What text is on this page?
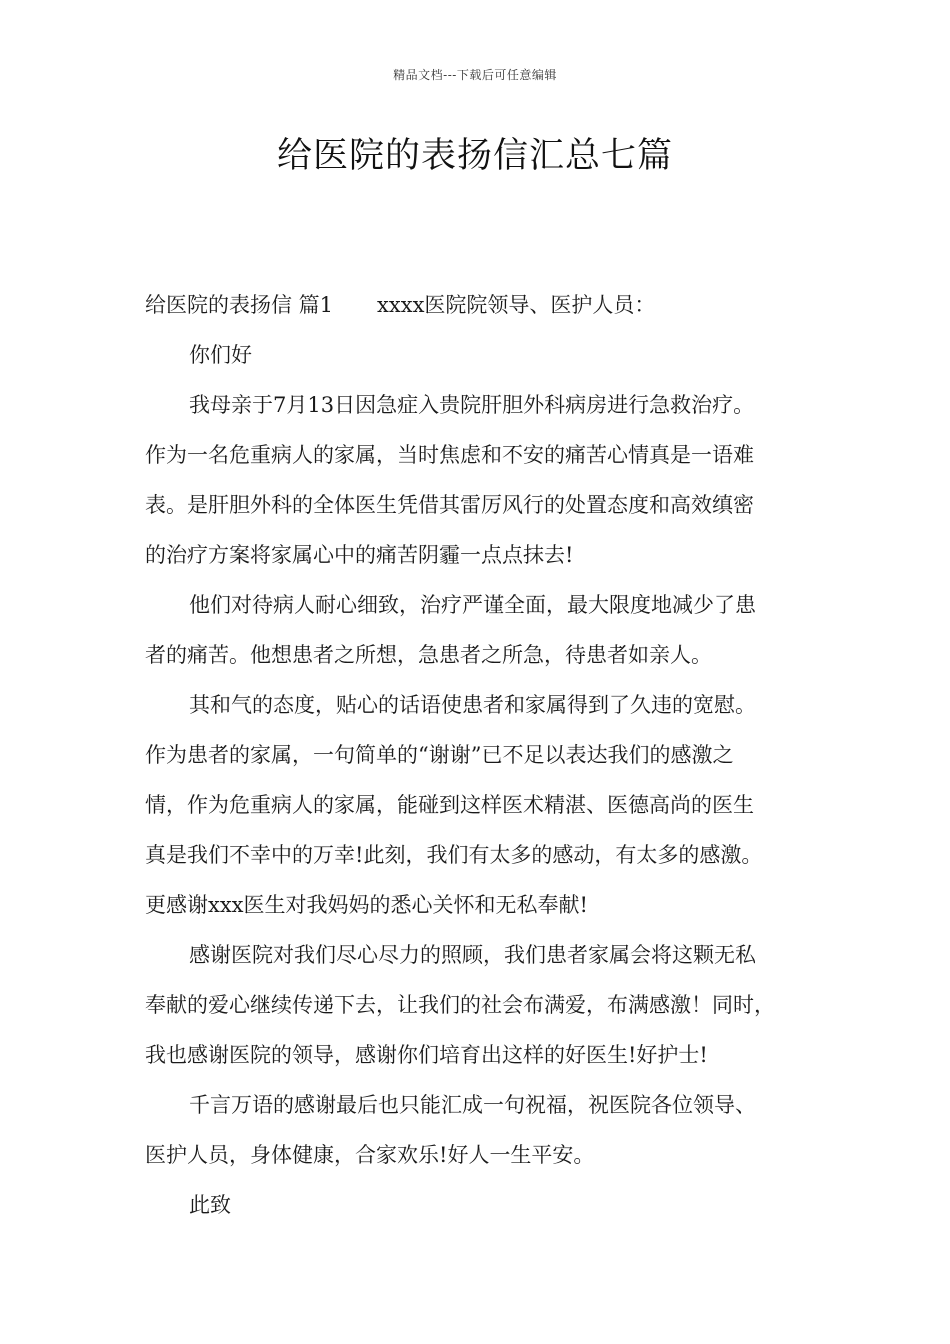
精品文档---下载后可任意编辑
给医院的表扬信汇总七篇
给医院的表扬信 篇1 xxxx医院院领导、医护人员：
你们好
我母亲于7月13日因急症入贵院肝胆外科病房进行急救治疗。
作为一名危重病人的家属，当时焦虑和不安的痛苦心情真是一语难
表。是肝胆外科的全体医生凭借其雷厉风行的处置态度和高效缜密
的治疗方案将家属心中的痛苦阴霾一点点抹去!
他们对待病人耐心细致，治疗严谨全面，最大限度地减少了患
者的痛苦。他想患者之所想，急患者之所急，待患者如亲人。
其和气的态度，贴心的话语使患者和家属得到了久违的宽慰。
作为患者的家属，一句简单的“谢谢”已不足以表达我们的感激之
情，作为危重病人的家属，能碰到这样医术精湛、医德高尚的医生
真是我们不幸中的万幸!此刻，我们有太多的感动，有太多的感激。
更感谢xxx医生对我妈妈的悉心关怀和无私奉献!
感谢医院对我们尽心尽力的照顾，我们患者家属会将这颗无私
奉献的爱心继续传递下去，让我们的社会布满爱，布满感激！同时，
我也感谢医院的领导，感谢你们培育出这样的好医生!好护士!
千言万语的感谢最后也只能汇成一句祝福，祝医院各位领导、
医护人员，身体健康，合家欢乐!好人一生平安。
此致
